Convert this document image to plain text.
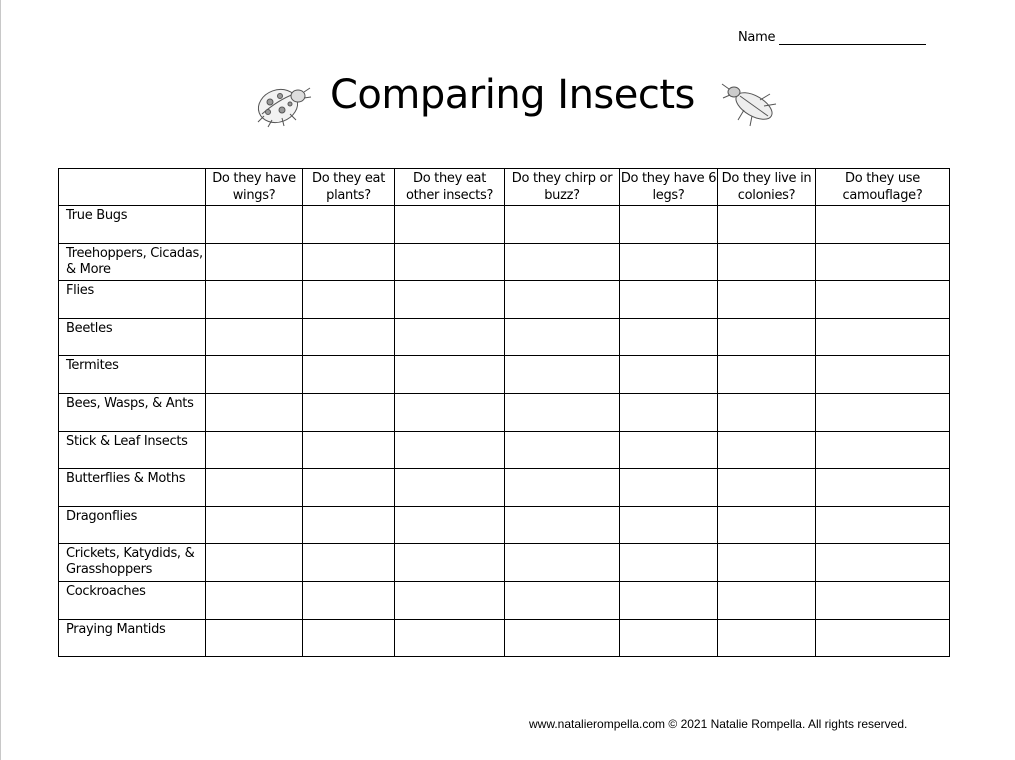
Name
Comparing Insects
	Do they have wings?	Do they eat plants?	Do they eat other insects?	Do they chirp or buzz?	Do they have 6 legs?	Do they live in colonies?	Do they use camouflage?
True Bugs							
Treehoppers, Cicadas, & More							
Flies							
Beetles							
Termites							
Bees, Wasps, & Ants							
Stick & Leaf Insects							
Butterflies & Moths							
Dragonflies							
Crickets, Katydids, & Grasshoppers							
Cockroaches							
Praying Mantids							
www.natalierompella.com © 2021 Natalie Rompella. All rights reserved.
